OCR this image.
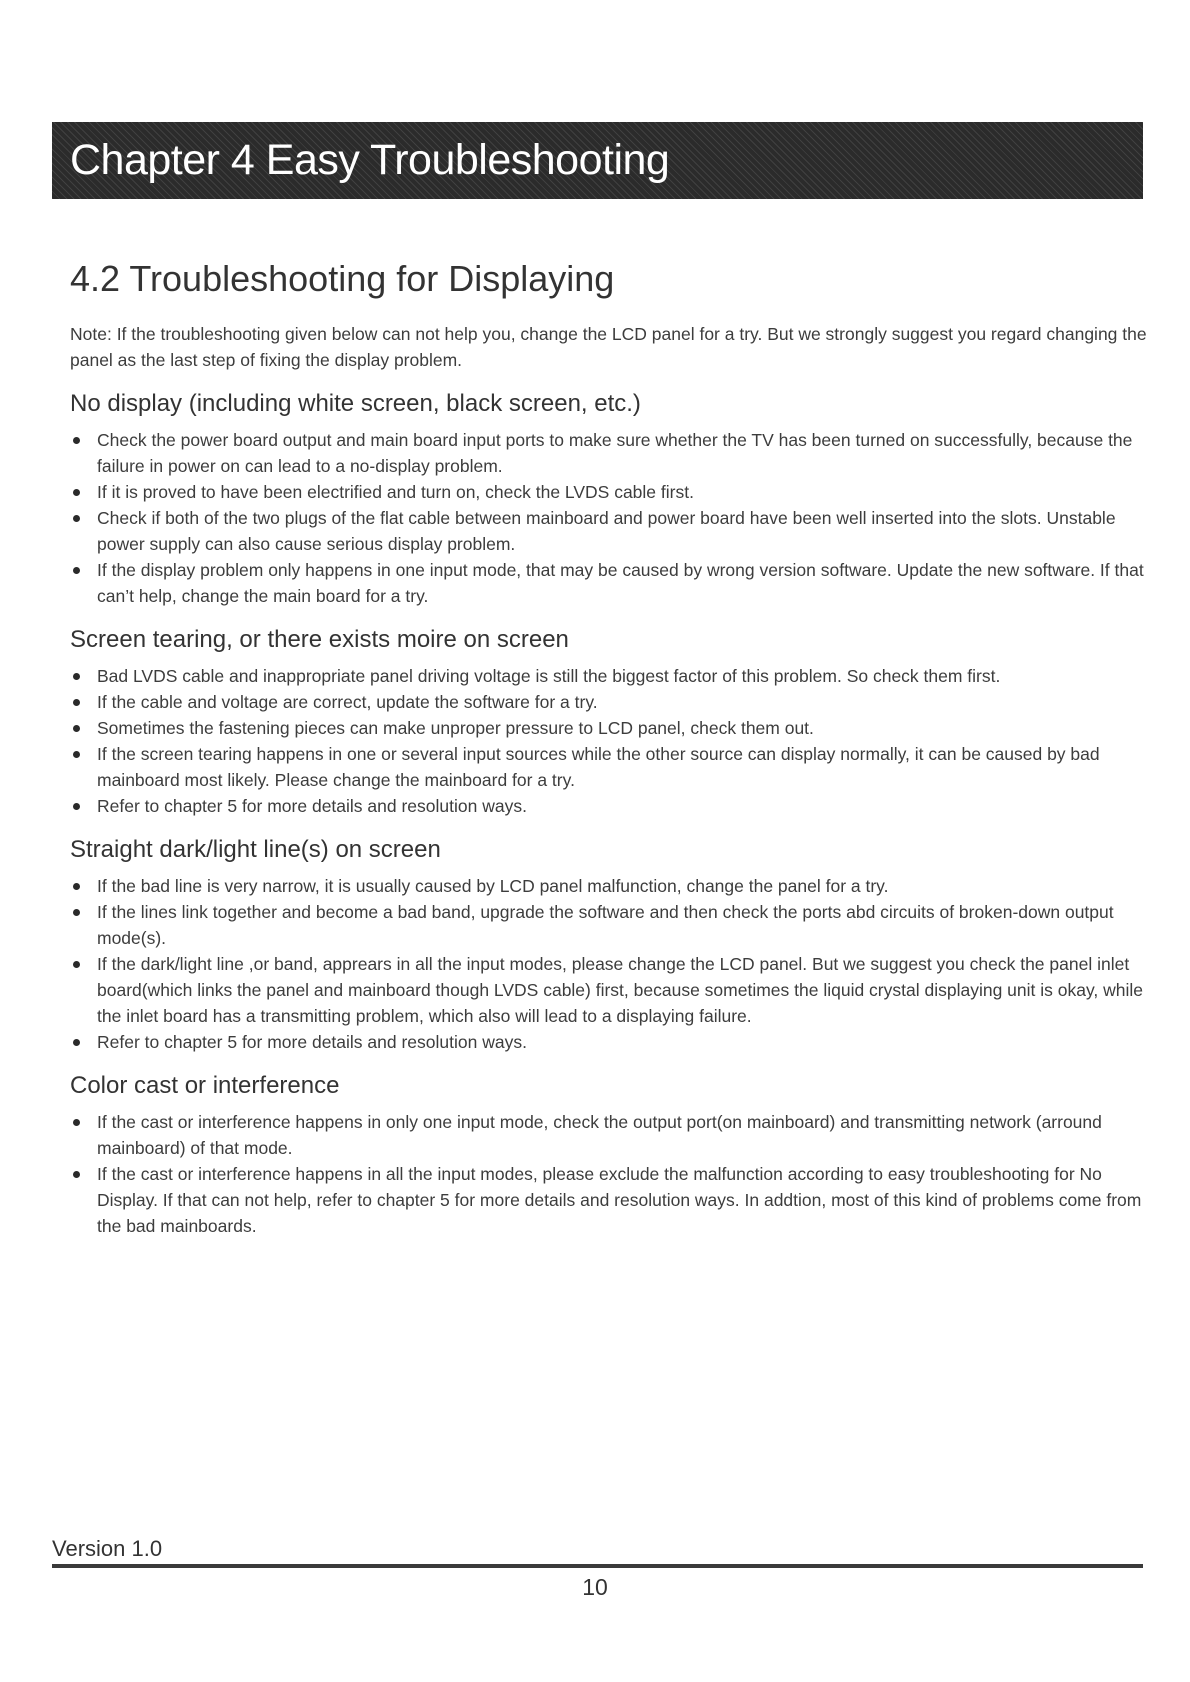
Chapter 4 Easy Troubleshooting
4.2 Troubleshooting for Displaying

Note: If the troubleshooting given below can not help you, change the LCD panel for a try. But we strongly suggest you regard changing the panel as the last step of fixing the display problem.

No display (including white screen, black screen, etc.)
Check the power board output and main board input ports to make sure whether the TV has been turned on successfully, because the failure in power on can lead to a no-display problem.
If it is proved to have been electrified and turn on, check the LVDS cable first.
Check if both of the two plugs of the flat cable between mainboard and power board have been well inserted into the slots. Unstable power supply can also cause serious display problem.
If the display problem only happens in one input mode, that may be caused by wrong version software. Update the new software. If that can’t help, change the main board for a try.
Screen tearing, or there exists moire on screen
Bad LVDS cable and inappropriate panel driving voltage is still the biggest factor of this problem. So check them first.
If the cable and voltage are correct, update the software for a try.
Sometimes the fastening pieces can make unproper pressure to LCD panel, check them out.
If the screen tearing happens in one or several input sources while the other source can display normally, it can be caused by bad mainboard most likely. Please change the mainboard for a try.
Refer to chapter 5 for more details and resolution ways.
Straight dark/light line(s) on screen
If the bad line is very narrow, it is usually caused by LCD panel malfunction, change the panel for a try.
If the lines link together and become a bad band, upgrade the software and then check the ports abd circuits of broken-down output mode(s).
If the dark/light line ,or band, apprears in all the input modes, please change the LCD panel. But we suggest you check the panel inlet board(which links the panel and mainboard though LVDS cable) first, because sometimes the liquid crystal displaying unit is okay, while the inlet board has a transmitting problem, which also will lead to a displaying failure.
Refer to chapter 5 for more details and resolution ways.
Color cast or interference
If the cast or interference happens in only one input mode, check the output port(on mainboard) and transmitting network (arround mainboard) of that mode.
If the cast or interference happens in all the input modes, please exclude the malfunction according to easy troubleshooting for No Display. If that can not help, refer to chapter 5 for more details and resolution ways. In addtion, most of this kind of problems come from the bad mainboards.
Version 1.0
10
